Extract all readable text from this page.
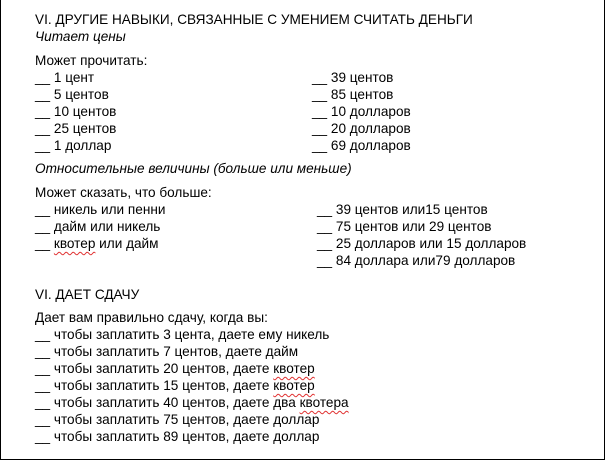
VI. ДРУГИЕ НАВЫКИ, СВЯЗАННЫЕ С УМЕНИЕМ СЧИТАТЬ ДЕНЬГИ
Читает цены
Может прочитать:
__ 1 цент
__ 5 центов
__ 10 центов
__ 25 центов
__ 1 доллар
__ 39 центов
__ 85 центов
__ 10 долларов
__ 20 долларов
__ 69 долларов
Относительные величины (больше или меньше)
Может сказать, что больше:
__ никель или пенни
__ дайм или никель
__ квотер или дайм
__ 39 центов или15 центов
__ 75 центов или 29 центов
__ 25 долларов или 15 долларов
__ 84 доллара или79 долларов
VI. ДАЕТ СДАЧУ
Дает вам правильно сдачу, когда вы:
__ чтобы заплатить 3 цента, даете ему никель
__ чтобы заплатить 7 центов, даете дайм
__ чтобы заплатить 20 центов, даете квотер
__ чтобы заплатить 15 центов, даете квотер
__ чтобы заплатить 40 центов, даете два квотера
__ чтобы заплатить 75 центов, даете доллар
__ чтобы заплатить 89 центов, даете доллар
